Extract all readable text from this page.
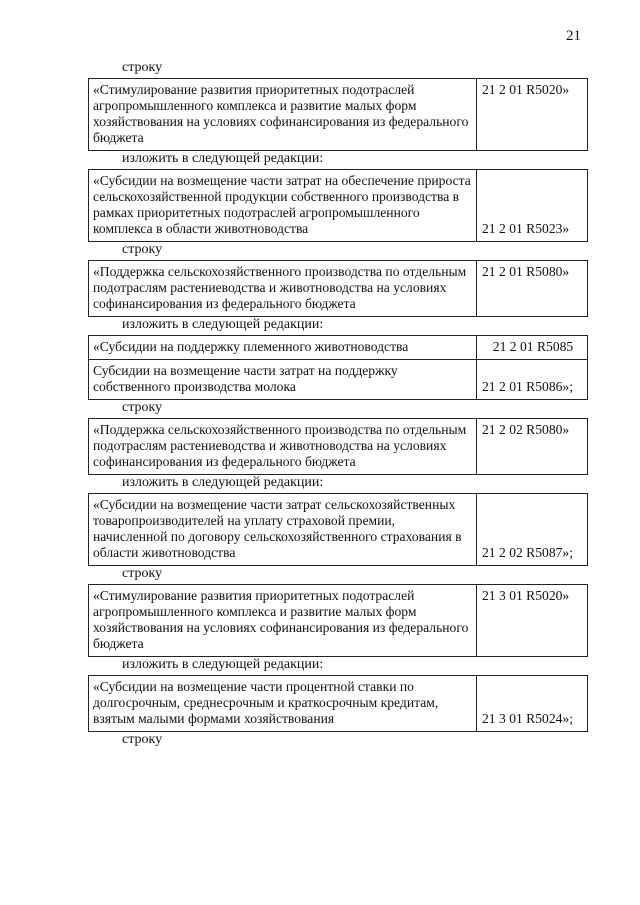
21
строку
«Стимулирование развития приоритетных подотраслей агропромышленного комплекса и развитие малых форм хозяйствования на условиях софинансирования из федерального бюджета	21 2 01 R5020»
изложить в следующей редакции:
«Субсидии на возмещение части затрат на обеспечение прироста сельскохозяйственной продукции собственного производства в рамках приоритетных подотраслей агропромышленного комплекса в области животноводства	21 2 01 R5023»
строку
«Поддержка сельскохозяйственного производства по отдельным подотраслям растениеводства и животноводства на условиях софинансирования из федерального бюджета	21 2 01 R5080»
изложить в следующей редакции:
«Субсидии на поддержку племенного животноводства	21 2 01 R5085
Субсидии на возмещение части затрат на поддержку собственного производства молока	21 2 01 R5086»;
строку
«Поддержка сельскохозяйственного производства по отдельным подотраслям растениеводства и животноводства на условиях софинансирования из федерального бюджета	21 2 02 R5080»
изложить в следующей редакции:
«Субсидии на возмещение части затрат сельскохозяйственных товаропроизводителей на уплату страховой премии, начисленной по договору сельскохозяйственного страхования в области животноводства	21 2 02 R5087»;
строку
«Стимулирование развития приоритетных подотраслей агропромышленного комплекса и развитие малых форм хозяйствования на условиях софинансирования из федерального бюджета	21 3 01 R5020»
изложить в следующей редакции:
«Субсидии на возмещение части процентной ставки по долгосрочным, среднесрочным и краткосрочным кредитам, взятым малыми формами хозяйствования	21 3 01 R5024»;
строку
